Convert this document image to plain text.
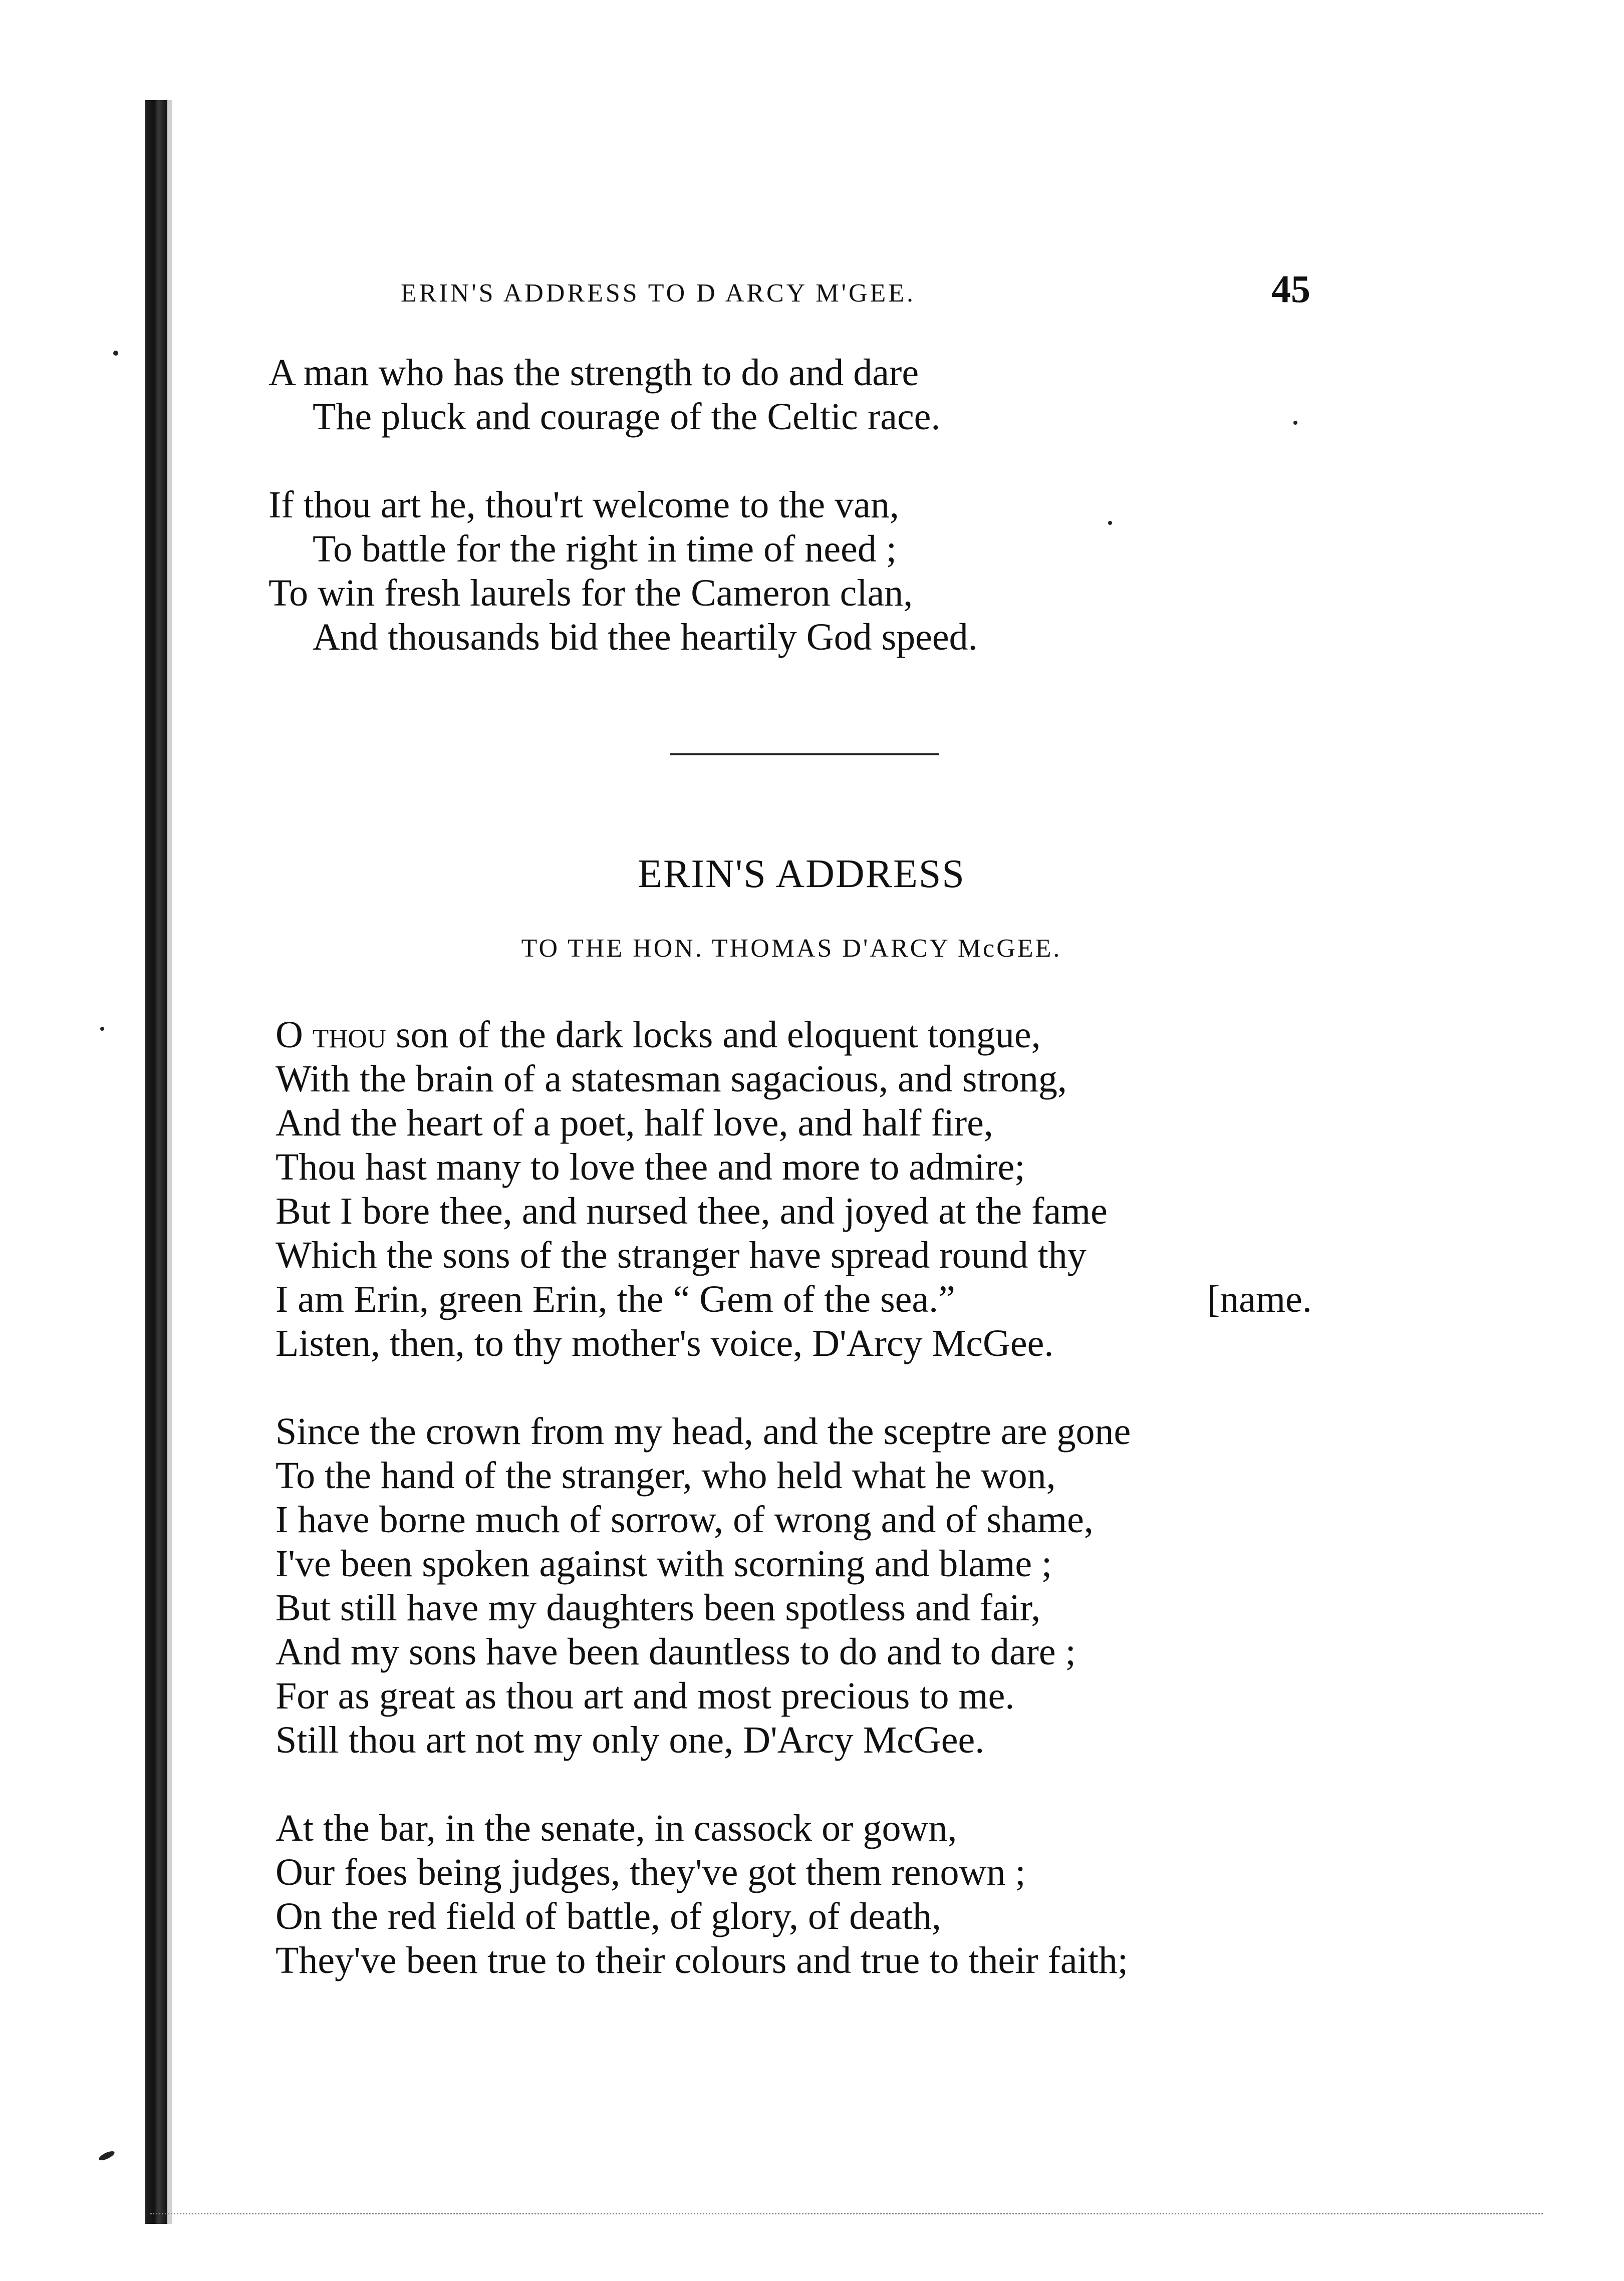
ERIN'S ADDRESS TO D ARCY M'GEE.	45
A man who has the strength to do and dare
The pluck and courage of the Celtic race.
If thou art he, thou'rt welcome to the van,
To battle for the right in time of need ;
To win fresh laurels for the Cameron clan,
And thousands bid thee heartily God speed.
ERIN'S ADDRESS
TO THE HON. THOMAS D'ARCY McGEE.
O thou son of the dark locks and eloquent tongue,
With the brain of a statesman sagacious, and strong,
And the heart of a poet, half love, and half fire,
Thou hast many to love thee and more to admire;
But I bore thee, and nursed thee, and joyed at the fame
Which the sons of the stranger have spread round thy
I am Erin, green Erin, the “ Gem of the sea.”	[name.
Listen, then, to thy mother's voice, D'Arcy McGee.
Since the crown from my head, and the sceptre are gone
To the hand of the stranger, who held what he won,
I have borne much of sorrow, of wrong and of shame,
I've been spoken against with scorning and blame ;
But still have my daughters been spotless and fair,
And my sons have been dauntless to do and to dare ;
For as great as thou art and most precious to me.
Still thou art not my only one, D'Arcy McGee.
At the bar, in the senate, in cassock or gown,
Our foes being judges, they've got them renown ;
On the red field of battle, of glory, of death,
They've been true to their colours and true to their faith;
